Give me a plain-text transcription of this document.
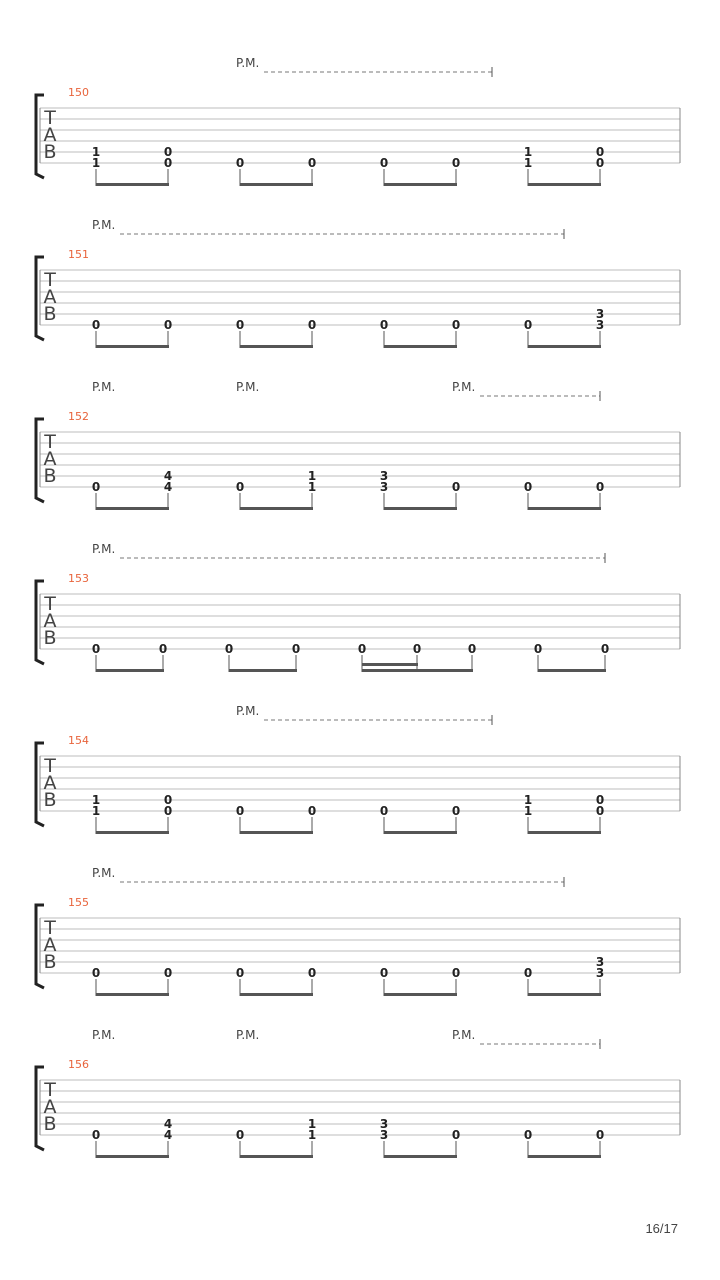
T
A
B
150
P.M.
1
1
0
0	0	0	0	0
1
1
0
0
T
A
B
151
P.M.
0	0	0	0	0	0	0
3
3
T
A
B
152
P.M.	P.M.	P.M.
0
4
4	0
1
1
3
3	0	0	0
T
A
B
153
P.M.
0	0	0	0	0	0	0	0	0
T
A
B
154
P.M.
1
1
0
0	0	0	0	0
1
1
0
0
T
A
B
155
P.M.
0	0	0	0	0	0	0
3
3
T
A
B
156
P.M.	P.M.	P.M.
0
4
4	0
1
1
3
3	0	0	0
16/17
